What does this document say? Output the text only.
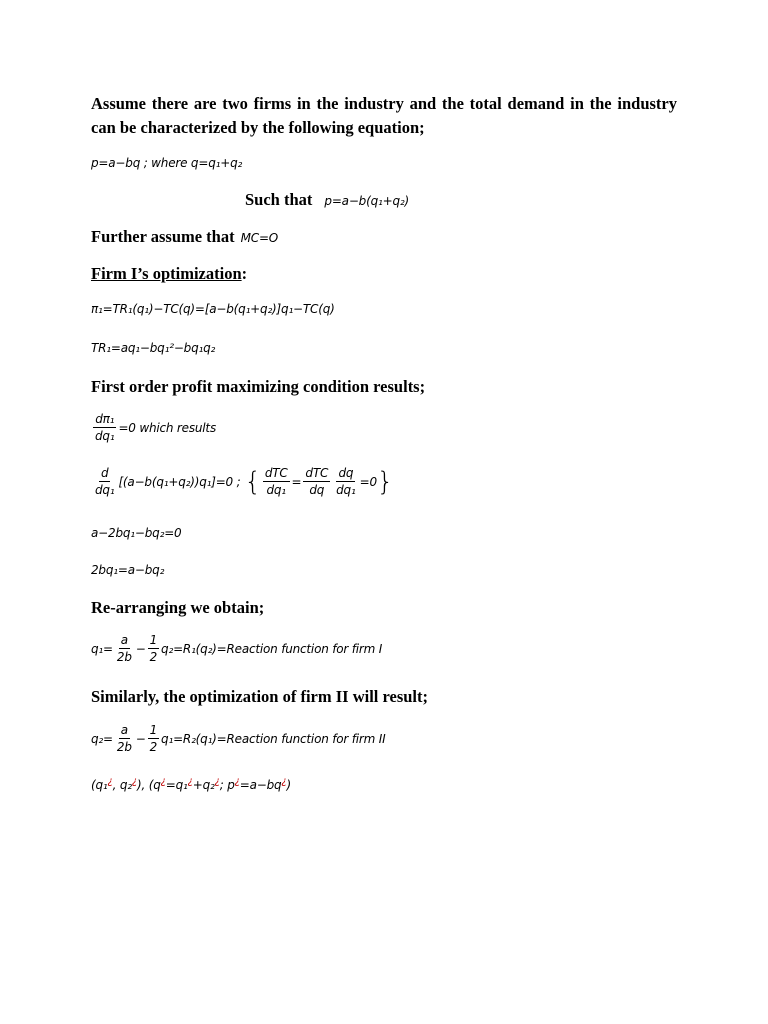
Assume there are two firms in the industry and the total demand in the industry can be characterized by the following equation;
p=a−bq ; where q=q₁+q₂
Such that p=a−b(q₁+q₂)
Further assume that MC=O
Firm I’s optimization:
π₁=TR₁(q₁)−TC(q)=[a−b(q₁+q₂)]q₁−TC(q)
TR₁=aq₁−bq₁²−bq₁q₂
First order profit maximizing condition results;
$\frac{\text{dπ₁}}{\text{dq₁}} =0$ which results
$\frac{d}{\text{dq₁}} [(a-b(q_1+q_2))q_1]=0$ ; { $\frac{\text{dTC}}{\text{dq₁}} = \frac{\text{dTC}}{dq} \frac{dq}{\text{dq₁}} =0$ }
a−2bq₁−bq₂=0
2bq₁=a−bq₂
Re-arranging we obtain;
$q_1= \frac{a}{2b} - \frac{1}{2}$ q₂=R₁(q₂)=Reaction function for firm I
Similarly, the optimization of firm II will result;
$q_2= \frac{a}{2b} - \frac{1}{2}$ q₁=R₂(q₁)=Reaction function for firm II
(q₁¿, q₂¿), (q¿=q₁¿+q₂¿; p¿=a−bq¿)
